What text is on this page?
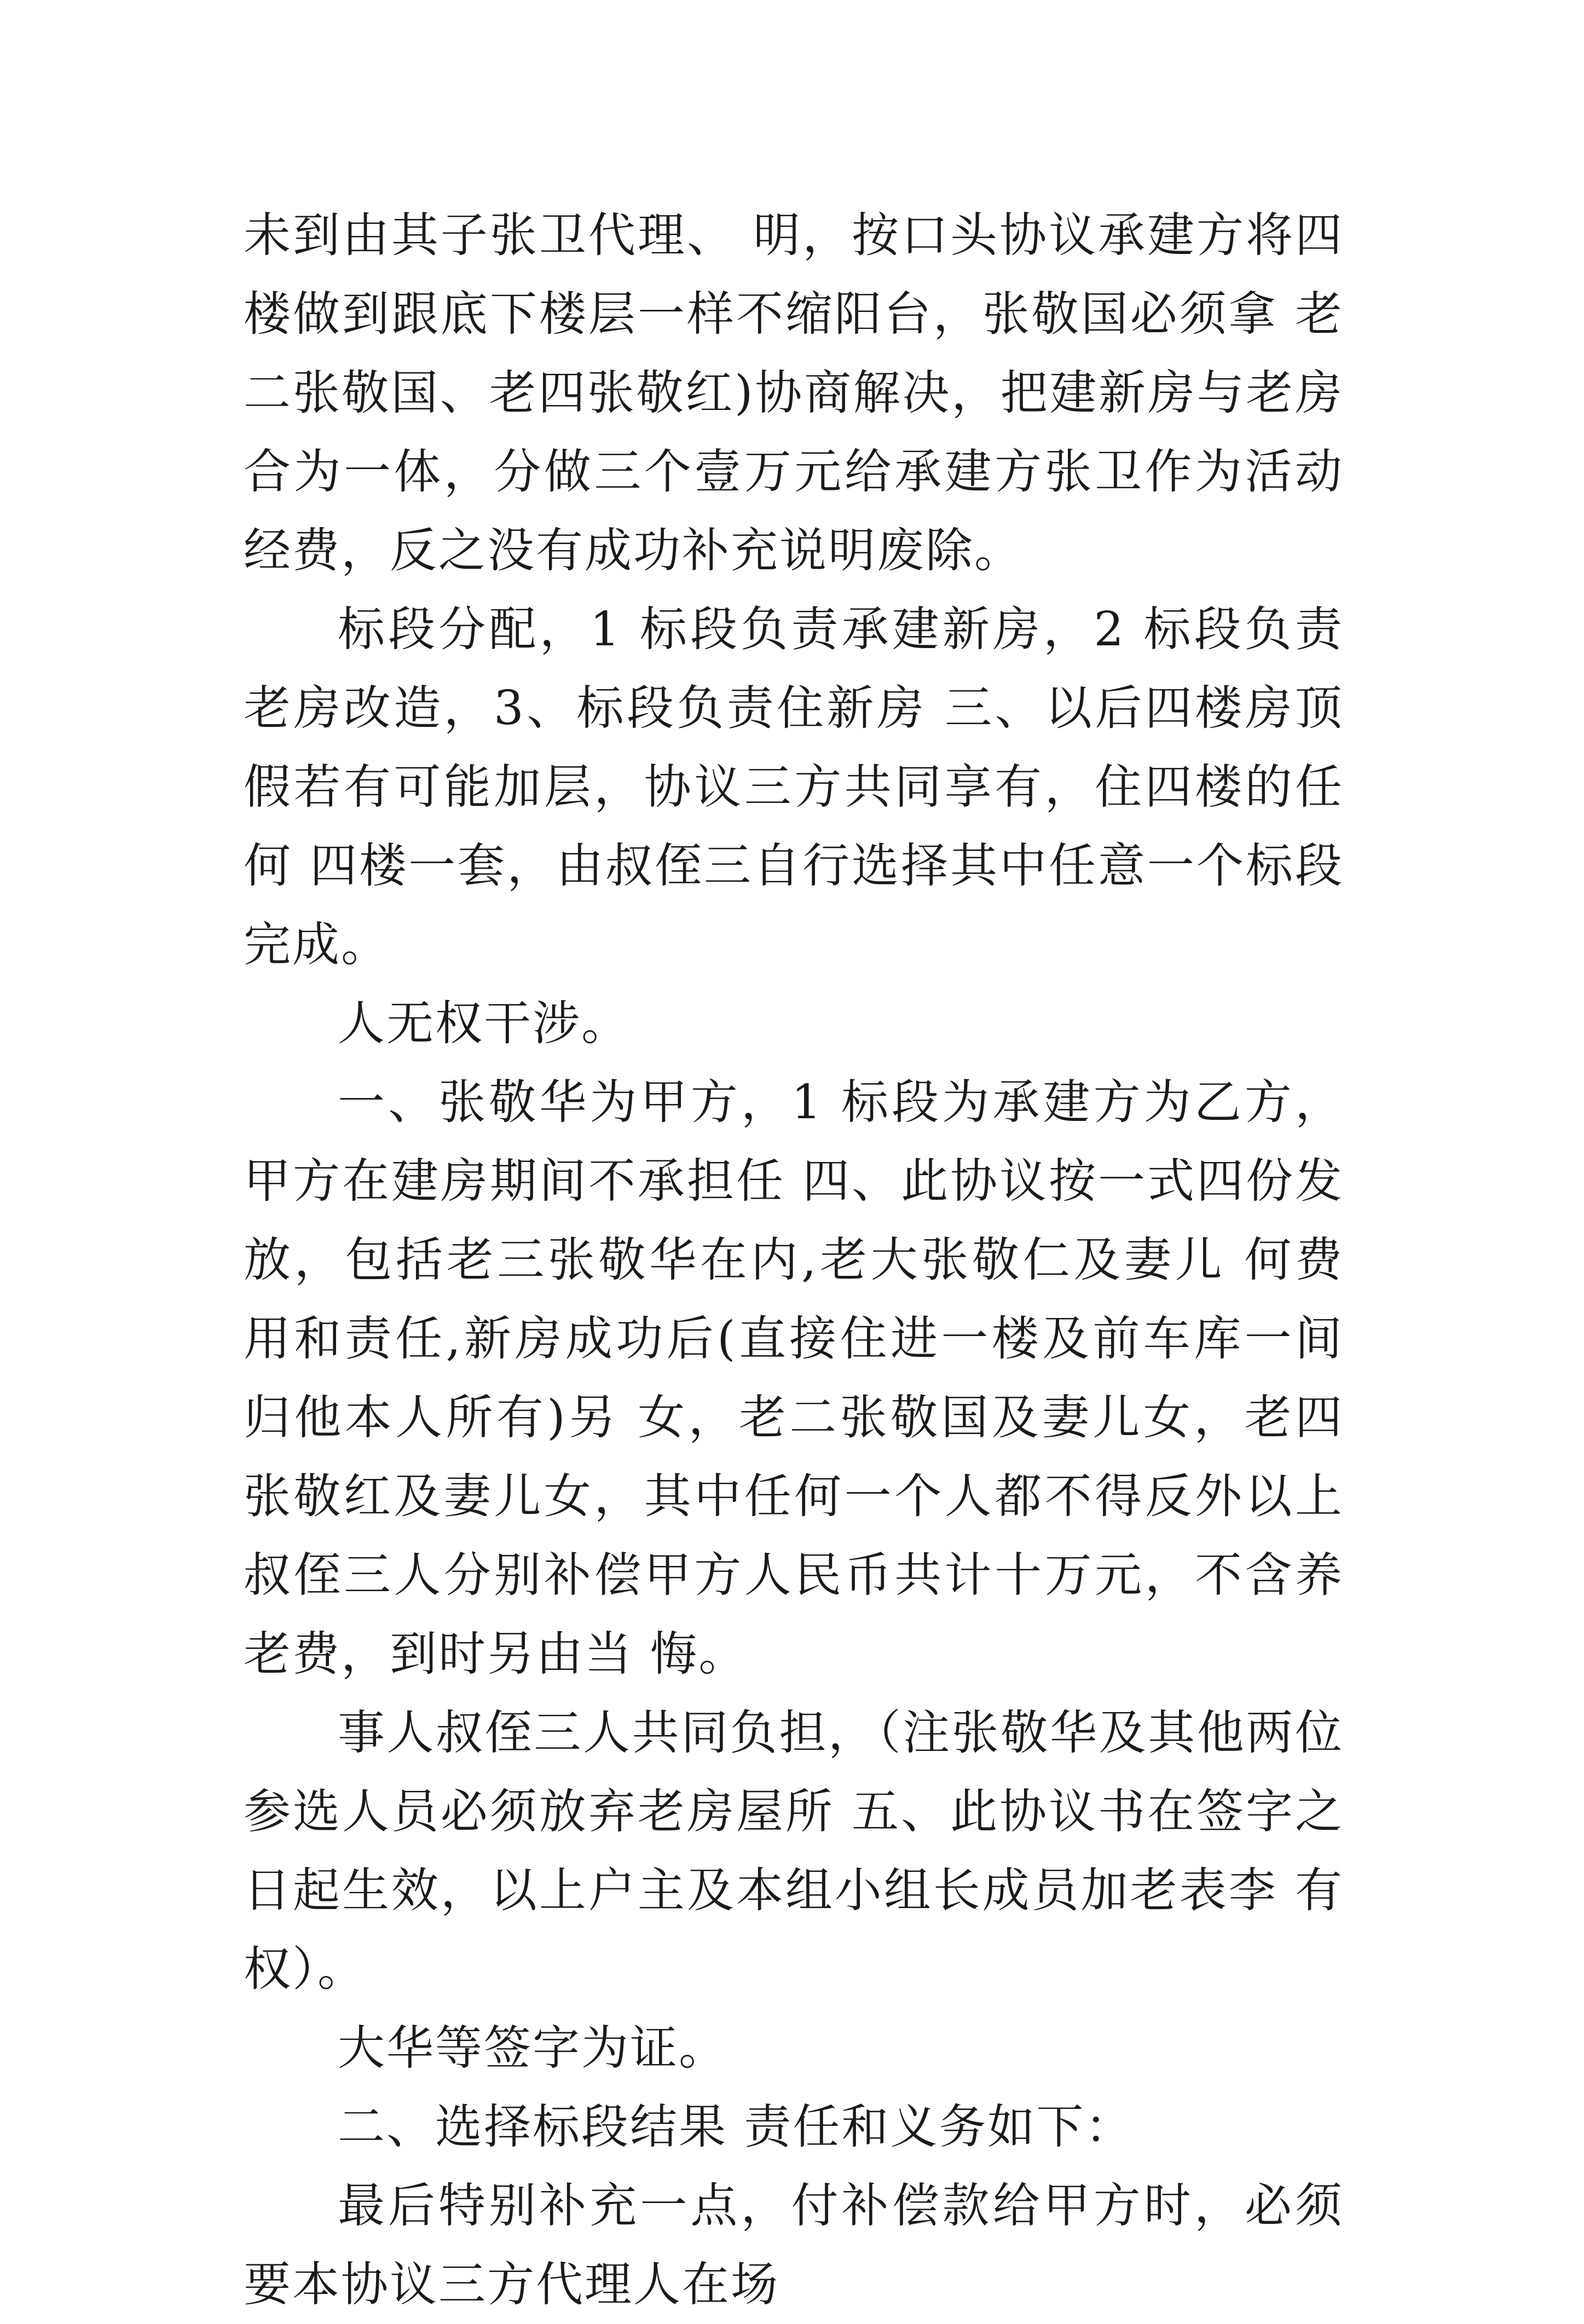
未到由其子张卫代理、 明，按口头协议承建方将四楼做到跟底下楼层一样不缩阳台，张敬国必须拿 老二张敬国、老四张敬红)协商解决，把建新房与老房合为一体，分做三个壹万元给承建方张卫作为活动经费，反之没有成功补充说明废除。

标段分配，1 标段负责承建新房，2 标段负责老房改造，3、标段负责住新房 三、以后四楼房顶假若有可能加层，协议三方共同享有，住四楼的任何 四楼一套，由叔侄三自行选择其中任意一个标段完成。

人无权干涉。

一、张敬华为甲方，1 标段为承建方为乙方，甲方在建房期间不承担任 四、此协议按一式四份发放，包括老三张敬华在内,老大张敬仁及妻儿 何费用和责任,新房成功后(直接住进一楼及前车库一间归他本人所有)另 女，老二张敬国及妻儿女，老四张敬红及妻儿女，其中任何一个人都不得反外以上叔侄三人分别补偿甲方人民币共计十万元，不含养老费，到时另由当 悔。

事人叔侄三人共同负担，（注张敬华及其他两位参选人员必须放弃老房屋所 五、此协议书在签字之日起生效，以上户主及本组小组长成员加老表李 有权）。

大华等签字为证。

二、选择标段结果 责任和义务如下：

最后特别补充一点，付补偿款给甲方时，必须要本协议三方代理人在场
